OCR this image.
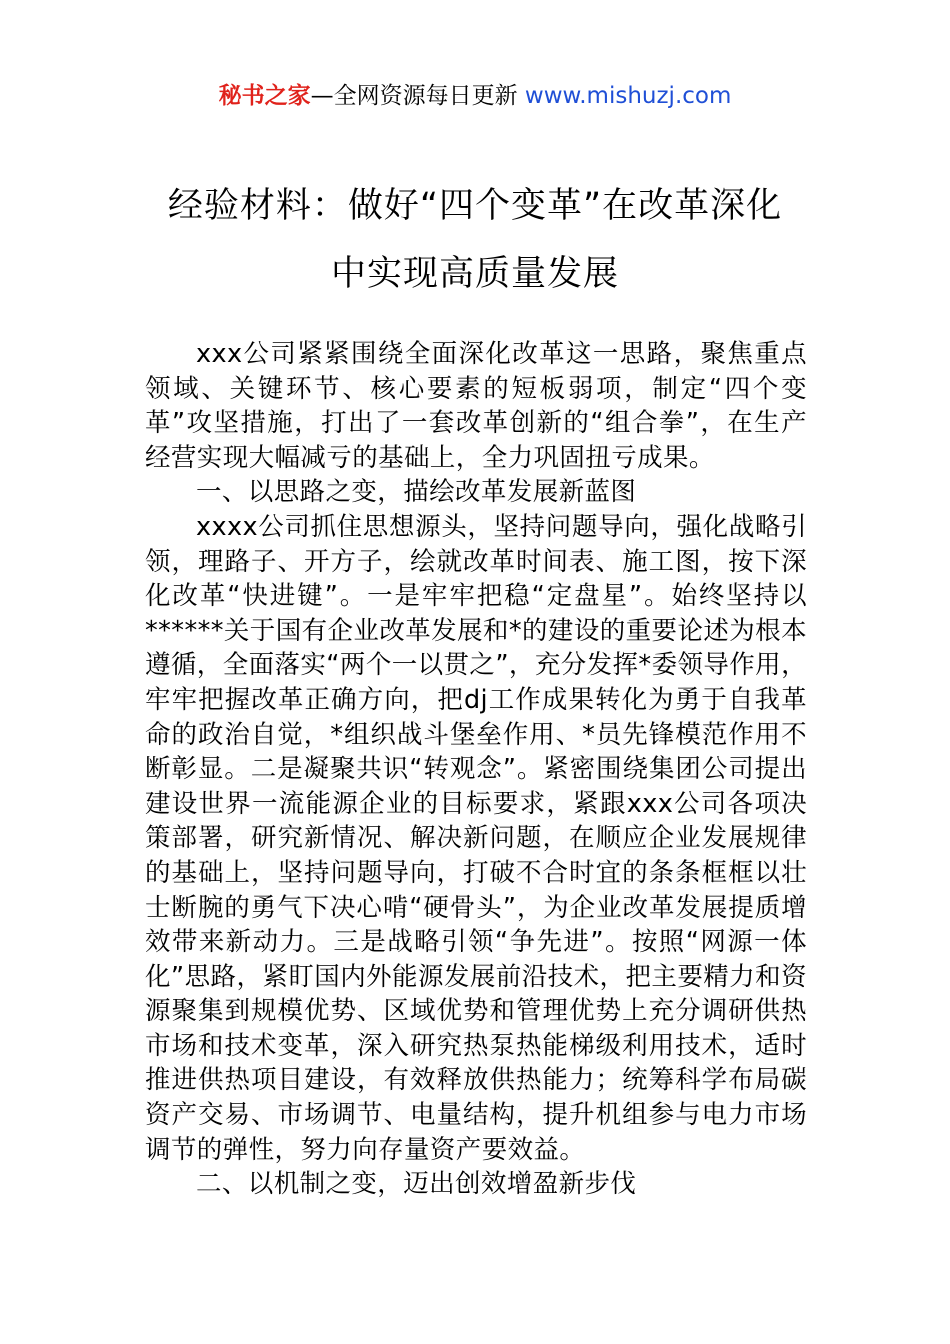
秘书之家—全网资源每日更新 www.mishuzj.com
经验材料：做好“四个变革”在改革深化
中实现高质量发展

xxx公司紧紧围绕全面深化改革这一思路，聚焦重点领域、关键环节、核心要素的短板弱项，制定“四个变革”攻坚措施，打出了一套改革创新的“组合拳”，在生产经营实现大幅减亏的基础上，全力巩固扭亏成果。

一、以思路之变，描绘改革发展新蓝图

xxxx公司抓住思想源头，坚持问题导向，强化战略引领，理路子、开方子，绘就改革时间表、施工图，按下深化改革“快进键”。一是牢牢把稳“定盘星”。始终坚持以******关于国有企业改革发展和*的建设的重要论述为根本遵循，全面落实“两个一以贯之”，充分发挥*委领导作用，牢牢把握改革正确方向，把dj工作成果转化为勇于自我革命的政治自觉，*组织战斗堡垒作用、*员先锋模范作用不断彰显。二是凝聚共识“转观念”。紧密围绕集团公司提出建设世界一流能源企业的目标要求，紧跟xxx公司各项决策部署，研究新情况、解决新问题，在顺应企业发展规律的基础上，坚持问题导向，打破不合时宜的条条框框以壮士断腕的勇气下决心啃“硬骨头”，为企业改革发展提质增效带来新动力。三是战略引领“争先进”。按照“网源一体化”思路，紧盯国内外能源发展前沿技术，把主要精力和资源聚集到规模优势、区域优势和管理优势上充分调研供热市场和技术变革，深入研究热泵热能梯级利用技术，适时推进供热项目建设，有效释放供热能力；统筹科学布局碳资产交易、市场调节、电量结构，提升机组参与电力市场调节的弹性，努力向存量资产要效益。

二、以机制之变，迈出创效增盈新步伐
